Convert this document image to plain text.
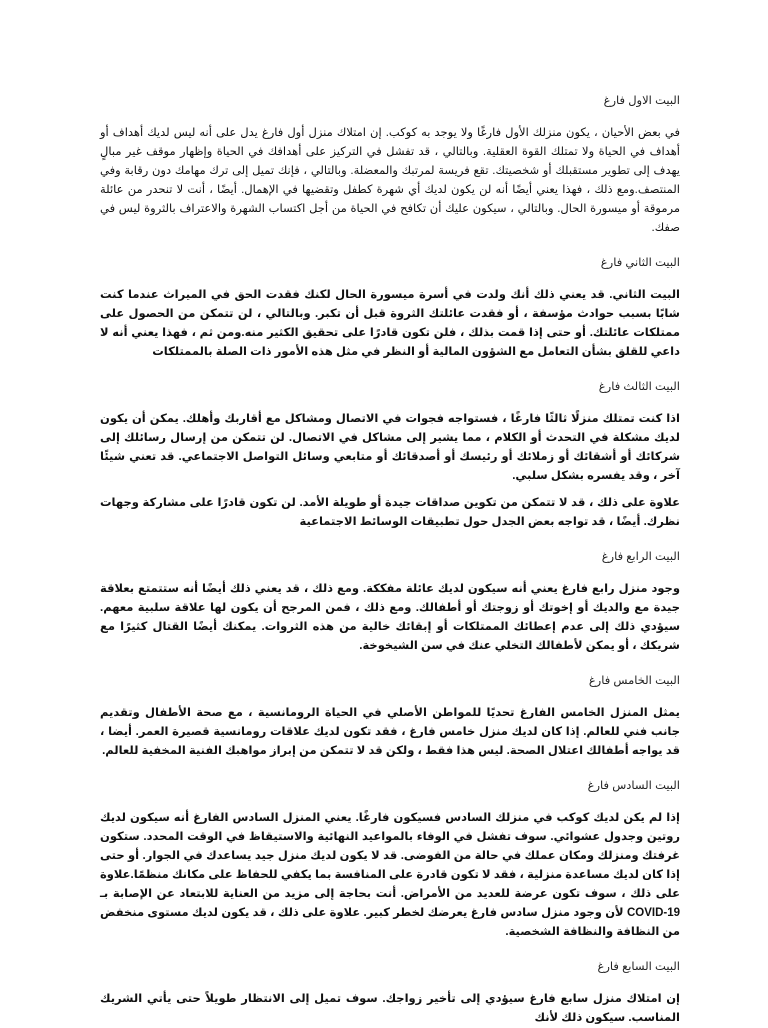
البيت الاول فارغ

في بعض الأحيان ، يكون منزلك الأول فارغًا ولا يوجد به كوكب. إن امتلاك منزل أول فارغ يدل على أنه ليس لديك أهداف أو أهداف في الحياة ولا تمتلك القوة العقلية. وبالتالي ، قد تفشل في التركيز على أهدافك في الحياة وإظهار موقف غير مبالٍ يهدف إلى تطوير مستقبلك أو شخصيتك. تقع فريسة لمرتبك والمعضلة. وبالتالي ، فإنك تميل إلى ترك مهامك دون رقابة وفي المنتصف.ومع ذلك ، فهذا يعني أيضًا أنه لن يكون لديك أي شهرة كطفل وتقضيها في الإهمال. أيضًا ، أنت لا تنحدر من عائلة مرموقة أو ميسورة الحال. وبالتالي ، سيكون عليك أن تكافح في الحياة من أجل اكتساب الشهرة والاعتراف بالثروة ليس في صفك.

البيت الثاني فارغ

البيت الثاني. قد يعني ذلك أنك ولدت في أسرة ميسورة الحال لكنك فقدت الحق في الميراث عندما كنت شابًا بسبب حوادث مؤسفة ، أو فقدت عائلتك الثروة قبل أن تكبر. وبالتالي ، لن تتمكن من الحصول على ممتلكات عائلتك. أو حتى إذا قمت بذلك ، فلن تكون قادرًا على تحقيق الكثير منه.ومن ثم ، فهذا يعني أنه لا داعي للقلق بشأن التعامل مع الشؤون المالية أو النظر في مثل هذه الأمور ذات الصلة بالممتلكات

البيت الثالث فارغ

اذا كنت تمتلك منزلًا ثالثًا فارغًا ، فستواجه فجوات في الاتصال ومشاكل مع أقاربك وأهلك. يمكن أن يكون لديك مشكلة في التحدث أو الكلام ، مما يشير إلى مشاكل في الاتصال. لن تتمكن من إرسال رسائلك إلى شركائك أو أشقائك أو زملائك أو رئيسك أو أصدقائك أو متابعي وسائل التواصل الاجتماعي. قد تعني شيئًا آخر ، وقد يفسره بشكل سلبي.

علاوة على ذلك ، قد لا تتمكن من تكوين صداقات جيدة أو طويلة الأمد. لن تكون قادرًا على مشاركة وجهات نظرك. أيضًا ، قد تواجه بعض الجدل حول تطبيقات الوسائط الاجتماعية

البيت الرابع فارغ

وجود منزل رابع فارغ يعني أنه سيكون لديك عائلة مفككة. ومع ذلك ، قد يعني ذلك أيضًا أنه ستتمتع بعلاقة جيدة مع والديك أو إخوتك أو زوجتك أو أطفالك. ومع ذلك ، فمن المرجح أن يكون لها علاقة سلبية معهم. سيؤدي ذلك إلى عدم إعطائك الممتلكات أو إبقائك خالية من هذه الثروات. يمكنك أيضًا القتال كثيرًا مع شريكك ، أو يمكن لأطفالك التخلي عنك في سن الشيخوخة.

البيت الخامس فارغ

يمثل المنزل الخامس الفارغ تحديًا للمواطن الأصلي في الحياة الرومانسية ، مع صحة الأطفال وتقديم جانب فني للعالم. إذا كان لديك منزل خامس فارغ ، فقد تكون لديك علاقات رومانسية قصيرة العمر. أيضا ، قد يواجه أطفالك اعتلال الصحة. ليس هذا فقط ، ولكن قد لا تتمكن من إبراز مواهبك الفنية المخفية للعالم.

البيت السادس فارغ

إذا لم يكن لديك كوكب في منزلك السادس فسيكون فارغًا. يعني المنزل السادس الفارغ أنه سيكون لديك روتين وجدول عشوائي. سوف تفشل في الوفاء بالمواعيد النهائية والاستيقاظ في الوقت المحدد. ستكون غرفتك ومنزلك ومكان عملك في حالة من الفوضى. قد لا يكون لديك منزل جيد يساعدك في الجوار. أو حتى إذا كان لديك مساعدة منزلية ، فقد لا تكون قادرة على المنافسة بما يكفي للحفاظ على مكانك منظمًا.علاوة على ذلك ، سوف تكون عرضة للعديد من الأمراض. أنت بحاجة إلى مزيد من العناية للابتعاد عن الإصابة بـ COVID-19 لأن وجود منزل سادس فارغ يعرضك لخطر كبير. علاوة على ذلك ، قد يكون لديك مستوى منخفض من النظافة والنظافة الشخصية.

البيت السابع فارغ

إن امتلاك منزل سابع فارغ سيؤدي إلى تأخير زواجك. سوف تميل إلى الانتظار طويلاً حتى يأتي الشريك المناسب. سيكون ذلك لأنك
